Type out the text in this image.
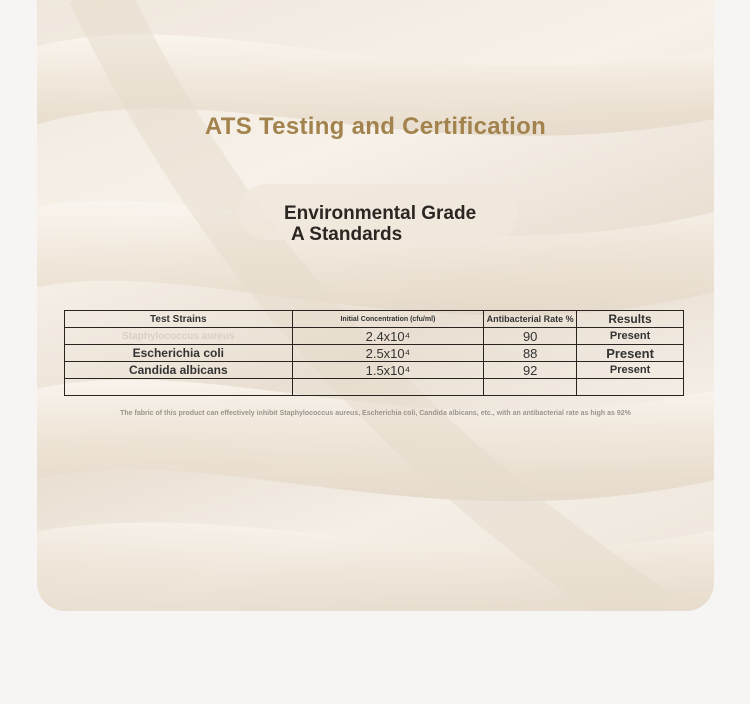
ATS Testing and Certification
Environmental Grade
A Standards
Test Strains	Initial Concentration (cfu/ml)	Antibacterial Rate %	Results
Staphylococcus aureus	2.4x10⁴	90	Present
Escherichia coli	2.5x10⁴	88	Present
Candida albicans	1.5x10⁴	92	Present

The fabric of this product can effectively inhibit Staphylococcus aureus, Escherichia coli, Candida albicans, etc., with an antibacterial rate as high as 92%
